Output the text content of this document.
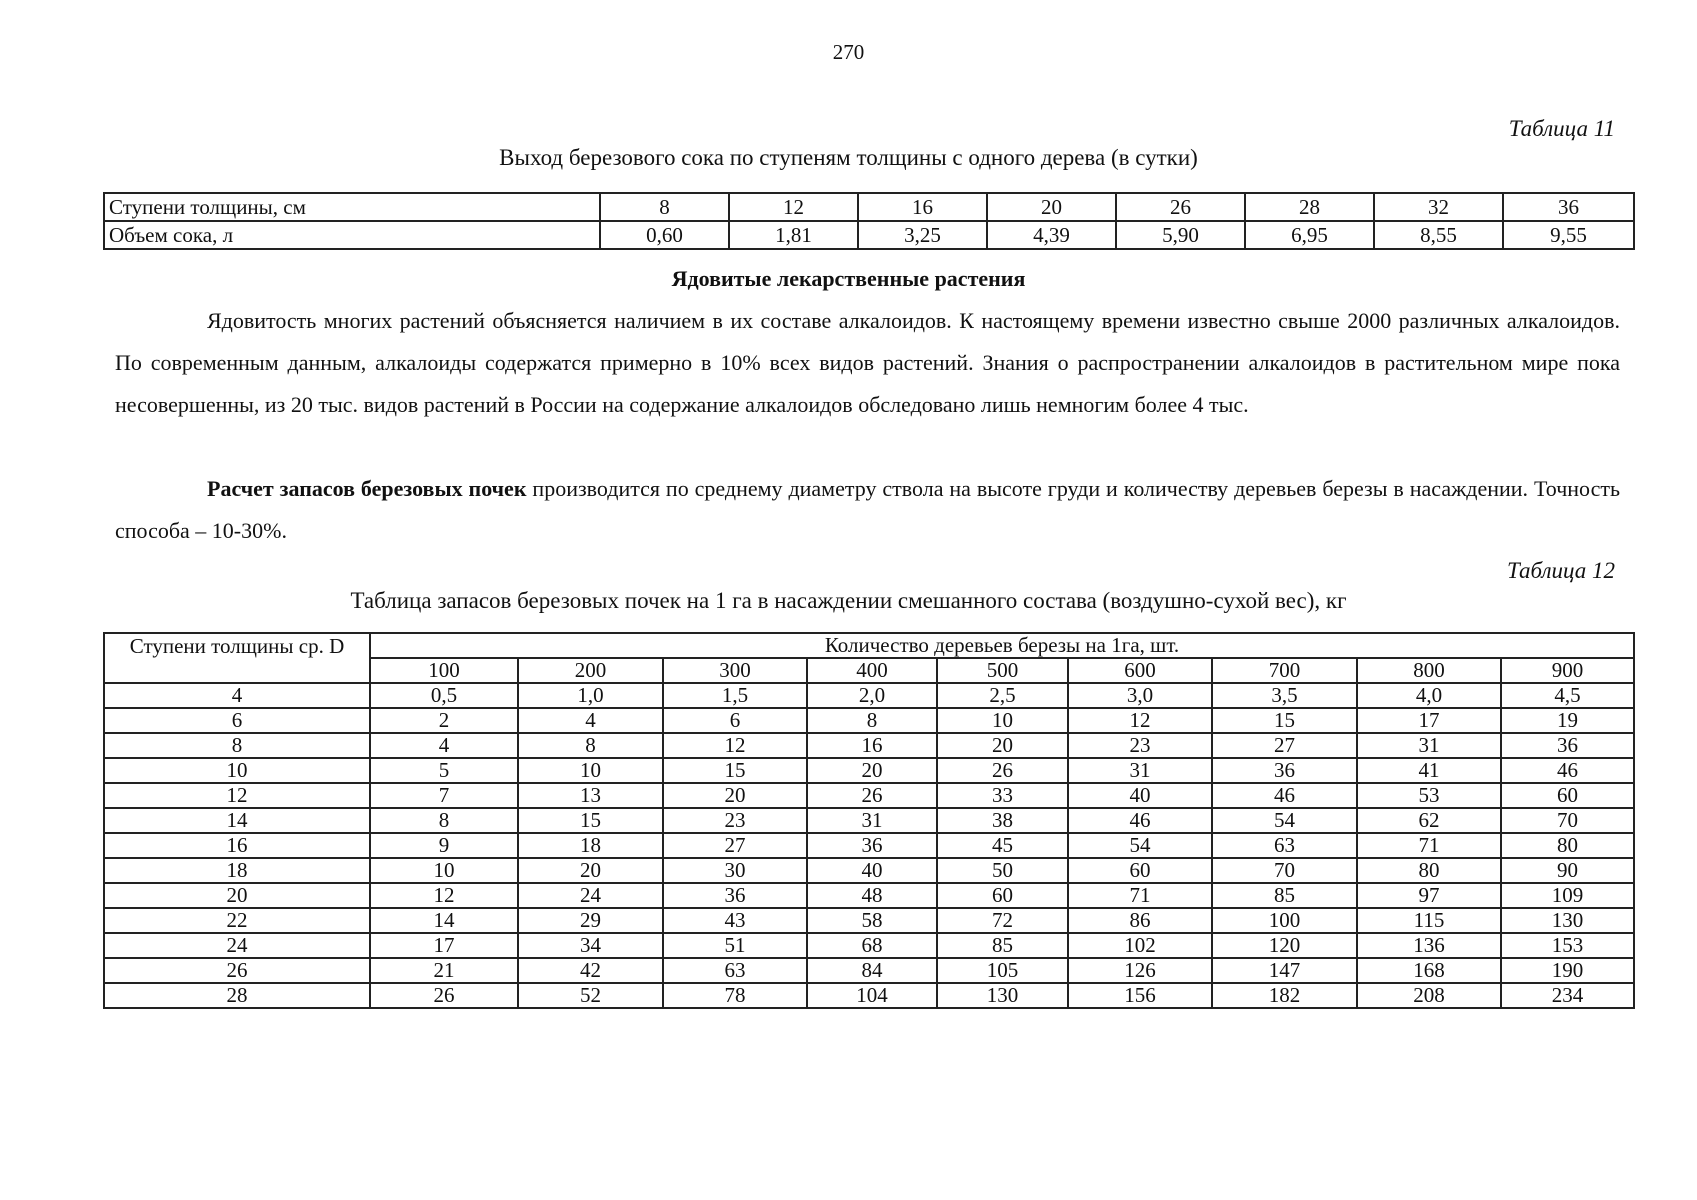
270
Таблица 11
Выход березового сока по ступеням толщины с одного дерева (в сутки)
Ступени толщины, см	8	12	16	20	26	28	32	36
Объем сока, л	0,60	1,81	3,25	4,39	5,90	6,95	8,55	9,55
Ядовитые лекарственные растения
Ядовитость многих растений объясняется наличием в их составе алкалоидов. К настоящему времени известно свыше 2000 различных алкалоидов. По современным данным, алкалоиды содержатся примерно в 10% всех видов растений. Знания о распространении алкалоидов в растительном мире пока несовершенны, из 20 тыс. видов растений в России на содержание алкалоидов обследовано лишь немногим более 4 тыс.
Расчет запасов березовых почек производится по среднему диаметру ствола на высоте груди и количеству деревьев березы в насаждении. Точность способа – 10-30%.
Таблица 12
Таблица запасов березовых почек на 1 га в насаждении смешанного состава (воздушно-сухой вес), кг
Ступени толщины ср. D	Количество деревьев березы на 1га, шт.								
	100	200	300	400	500	600	700	800	900
4	0,5	1,0	1,5	2,0	2,5	3,0	3,5	4,0	4,5
6	2	4	6	8	10	12	15	17	19
8	4	8	12	16	20	23	27	31	36
10	5	10	15	20	26	31	36	41	46
12	7	13	20	26	33	40	46	53	60
14	8	15	23	31	38	46	54	62	70
16	9	18	27	36	45	54	63	71	80
18	10	20	30	40	50	60	70	80	90
20	12	24	36	48	60	71	85	97	109
22	14	29	43	58	72	86	100	115	130
24	17	34	51	68	85	102	120	136	153
26	21	42	63	84	105	126	147	168	190
28	26	52	78	104	130	156	182	208	234
